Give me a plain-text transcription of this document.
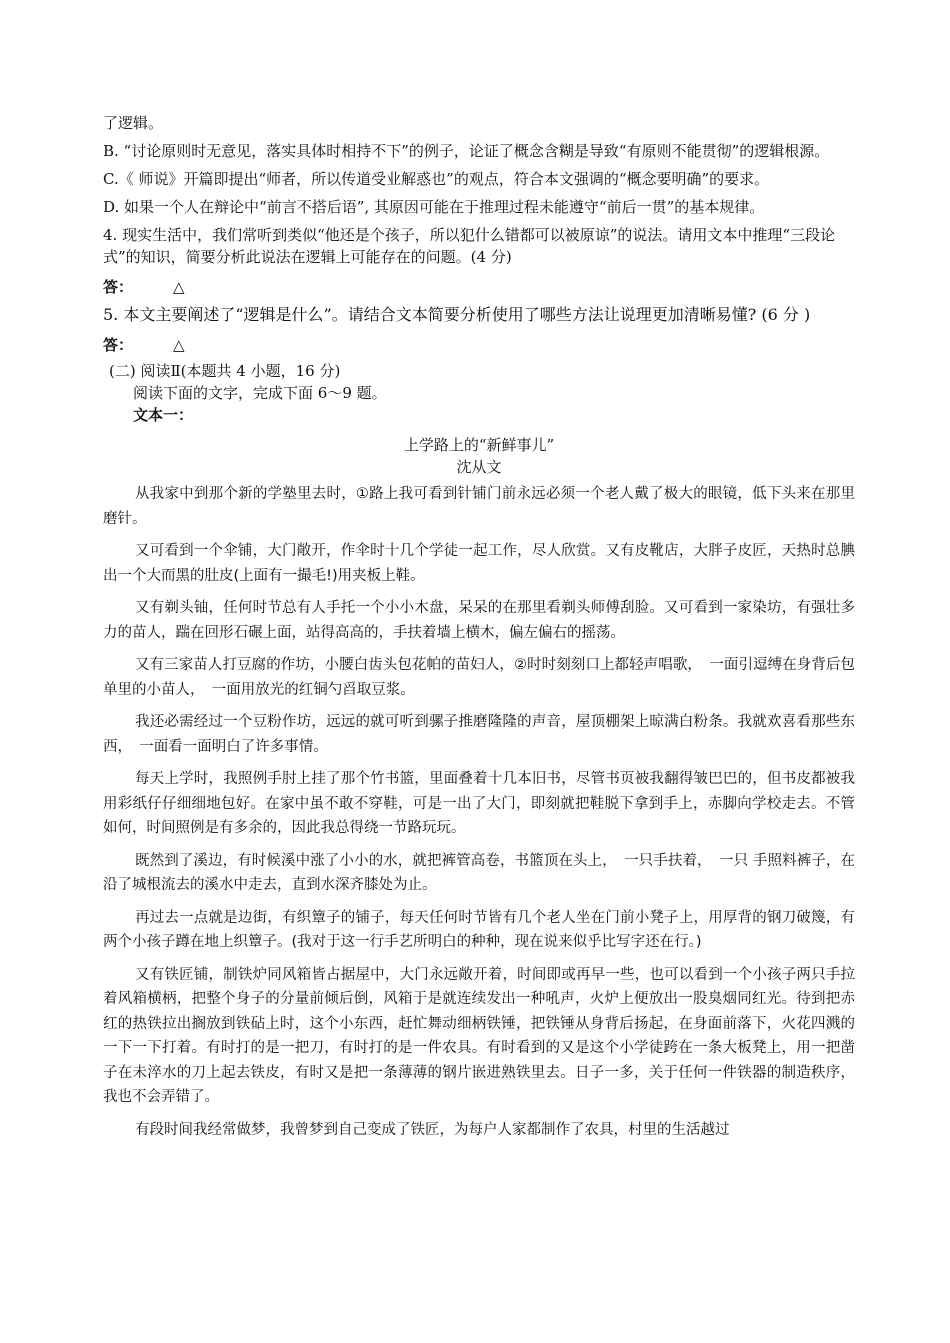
了逻辑。

B. “讨论原则时无意见，落实具体时相持不下”的例子，论证了概念含糊是导致“有原则不能贯彻”的逻辑根源。

C.《 师说》开篇即提出“师者，所以传道受业解惑也”的观点，符合本文强调的“概念要明确”的要求。

D. 如果一个人在辩论中“前言不搭后语”, 其原因可能在于推理过程未能遵守“前后一贯”的基本规律。

4. 现实生活中，我们常听到类似“他还是个孩子，所以犯什么错都可以被原谅”的说法。请用文本中推理“三段论式”的知识，简要分析此说法在逻辑上可能存在的问题。(4 分)

答：	△

5. 本文主要阐述了“逻辑是什么”。请结合文本简要分析使用了哪些方法让说理更加清晰易懂? (6 分 )

答：	△

(二) 阅读Ⅱ(本题共 4 小题，16 分)

阅读下面的文字，完成下面 6～9 题。

文本一：

上学路上的“新鲜事儿”
沈从文

从我家中到那个新的学塾里去时，①路上我可看到针铺门前永远必须一个老人戴了极大的眼镜，低下头来在那里磨针。

又可看到一个伞铺，大门敞开，作伞时十几个学徒一起工作，尽人欣赏。又有皮靴店，大胖子皮匠，天热时总腆出一个大而黑的肚皮(上面有一撮毛!)用夹板上鞋。

又有剃头铀，任何时节总有人手托一个小小木盘，呆呆的在那里看剃头师傅刮脸。又可看到一家染坊，有强壮多力的苗人，踹在回形石碾上面，站得高高的，手扶着墙上横木，偏左偏右的摇荡。

又有三家苗人打豆腐的作坊，小腰白齿头包花帕的苗妇人，②时时刻刻口上都轻声唱歌，　一面引逗缚在身背后包单里的小苗人，　一面用放光的红铜勺舀取豆浆。

我还必需经过一个豆粉作坊，远远的就可听到骡子推磨隆隆的声音，屋顶棚架上晾满白粉条。我就欢喜看那些东西，　一面看一面明白了许多事情。

每天上学时，我照例手肘上挂了那个竹书篮，里面叠着十几本旧书，尽管书页被我翻得皱巴巴的，但书皮都被我用彩纸仔仔细细地包好。在家中虽不敢不穿鞋，可是一出了大门，即刻就把鞋脱下拿到手上，赤脚向学校走去。不管如何，时间照例是有多余的，因此我总得绕一节路玩玩。

既然到了溪边，有时候溪中涨了小小的水，就把裤管高卷，书篮顶在头上，　一只手扶着，　一只 手照料裤子，在沿了城根流去的溪水中走去，直到水深齐膝处为止。

再过去一点就是边街，有织簟子的铺子，每天任何时节皆有几个老人坐在门前小凳子上，用厚背的钢刀破篾，有两个小孩子蹲在地上织簟子。(我对于这一行手艺所明白的种种，现在说来似乎比写字还在行。)

又有铁匠铺，制铁炉同风箱皆占据屋中，大门永远敞开着，时间即或再早一些，也可以看到一个小孩子两只手拉着风箱横柄，把整个身子的分量前倾后倒，风箱于是就连续发出一种吼声，火炉上便放出一股臭烟同红光。待到把赤红的热铁拉出搁放到铁砧上时，这个小东西，赶忙舞动细柄铁锤，把铁锤从身背后扬起，在身面前落下，火花四溅的一下一下打着。有时打的是一把刀，有时打的是一件农具。有时看到的又是这个小学徒跨在一条大板凳上，用一把凿子在未淬水的刀上起去铁皮，有时又是把一条薄薄的钢片嵌进熟铁里去。日子一多，关于任何一件铁器的制造秩序，我也不会弄错了。

有段时间我经常做梦，我曾梦到自己变成了铁匠，为每户人家都制作了农具，村里的生活越过
